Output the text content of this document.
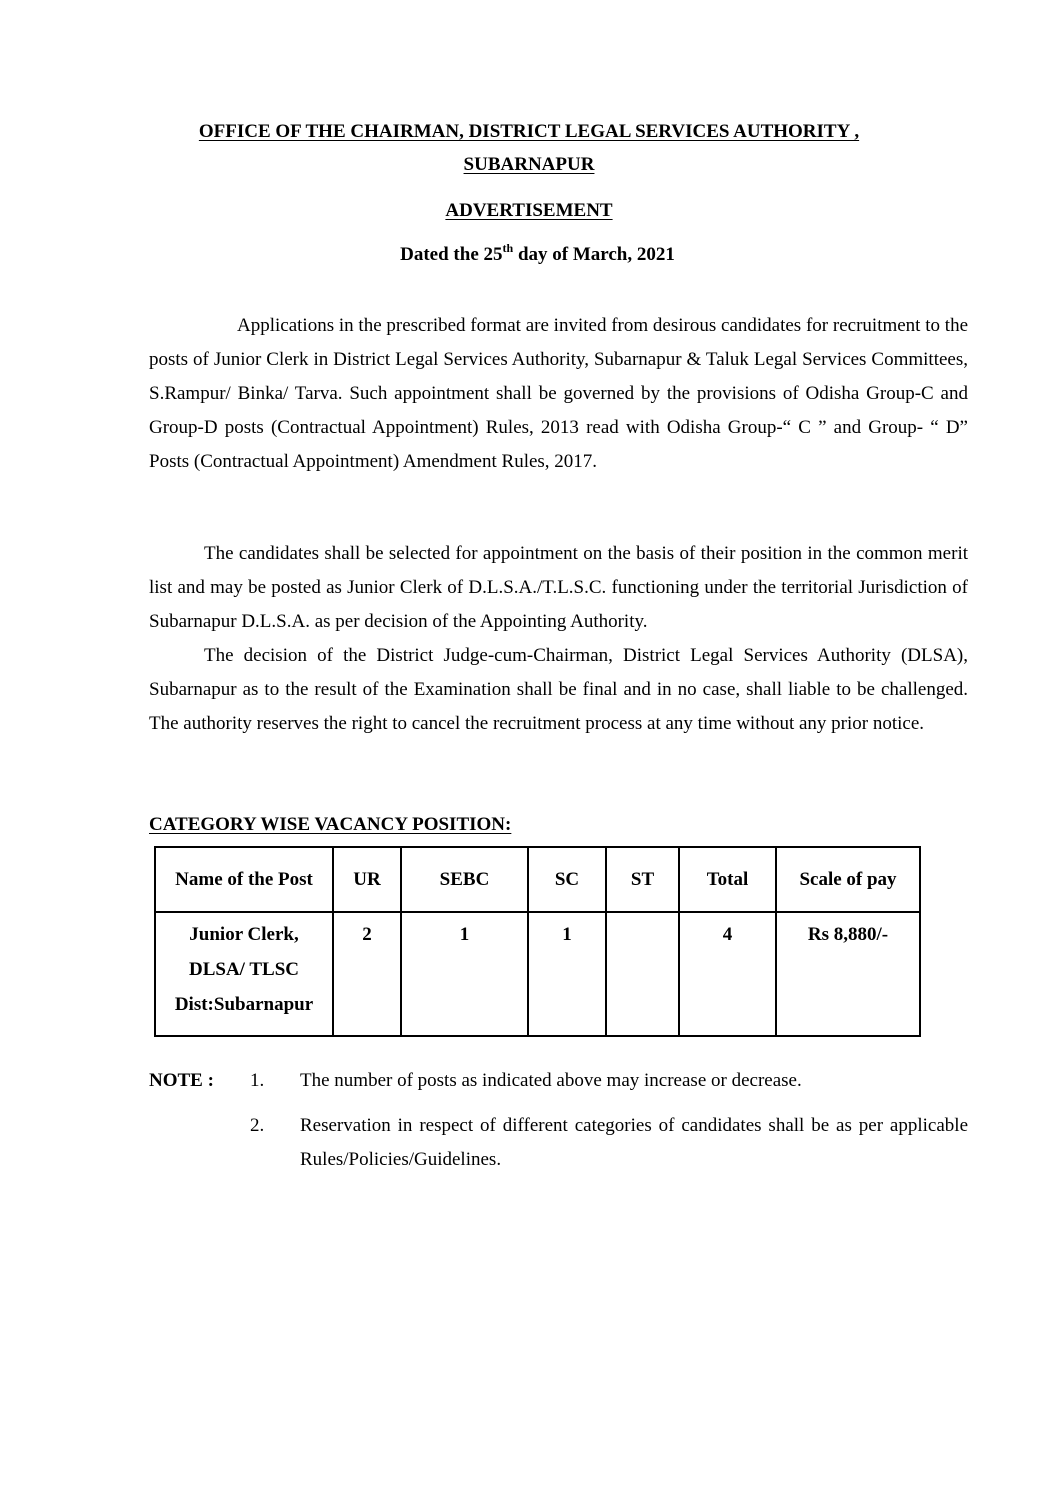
OFFICE OF THE CHAIRMAN, DISTRICT LEGAL SERVICES AUTHORITY ,
SUBARNAPUR
ADVERTISEMENT
Dated the 25th day of March, 2021

Applications in the prescribed format are invited from desirous candidates for recruitment to the posts of Junior Clerk in District Legal Services Authority, Subarnapur & Taluk Legal Services Committees, S.Rampur/ Binka/ Tarva. Such appointment shall be governed by the provisions of Odisha Group-C and Group-D posts (Contractual Appointment) Rules, 2013 read with Odisha Group-“ C ” and Group- “ D” Posts (Contractual Appointment) Amendment Rules, 2017.

The candidates shall be selected for appointment on the basis of their position in the common merit list and may be posted as Junior Clerk of D.L.S.A./T.L.S.C. functioning under the territorial Jurisdiction of Subarnapur D.L.S.A. as per decision of the Appointing Authority.

The decision of the District Judge-cum-Chairman, District Legal Services Authority (DLSA), Subarnapur as to the result of the Examination shall be final and in no case, shall liable to be challenged. The authority reserves the right to cancel the recruitment process at any time without any prior notice.

CATEGORY WISE VACANCY POSITION:
Name of the Post	UR	SEBC	SC	ST	Total	Scale of pay

Junior Clerk,
DLSA/ TLSC
Dist:Subarnapur	2	1	1		4	Rs 8,880/-
NOTE : 1. The number of posts as indicated above may increase or decrease.

2. Reservation in respect of different categories of candidates shall be as per applicable Rules/Policies/Guidelines.
